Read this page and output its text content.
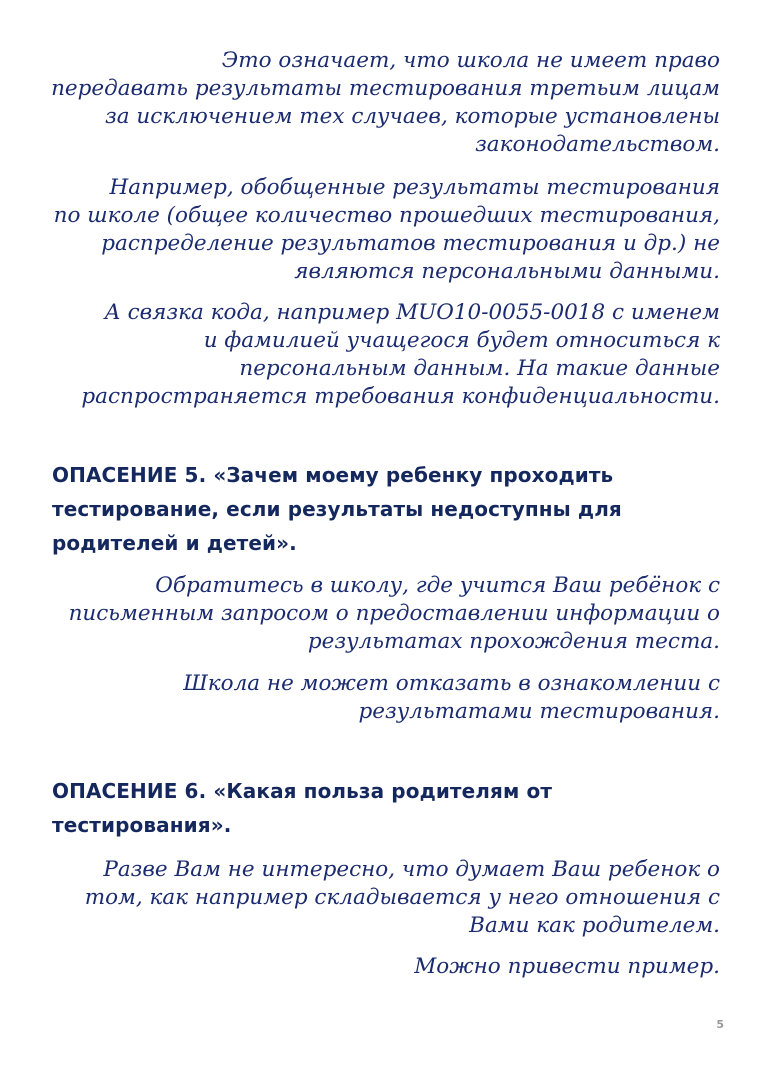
Это означает, что школа не имеет право
передавать результаты тестирования третьим лицам
за исключением тех случаев, которые установлены
законодательством.

Например, обобщенные результаты тестирования
по школе (общее количество прошедших тестирования,
распределение результатов тестирования и др.) не
являются персональными данными.

А связка кода, например MUO10-0055-0018 с именем
и фамилией учащегося будет относиться к
персональным данным. На такие данные
распространяется требования конфиденциальности.

ОПАСЕНИЕ 5. «Зачем моему ребенку проходить
тестирование, если результаты недоступны для
родителей и детей».

Обратитесь в школу, где учится Ваш ребёнок с
письменным запросом о предоставлении информации о
результатах прохождения теста.

Школа не может отказать в ознакомлении с
результатами тестирования.

ОПАСЕНИЕ 6. «Какая польза родителям от
тестирования».

Разве Вам не интересно, что думает Ваш ребенок о
том, как например складывается у него отношения с
Вами как родителем.

Можно привести пример.

5
